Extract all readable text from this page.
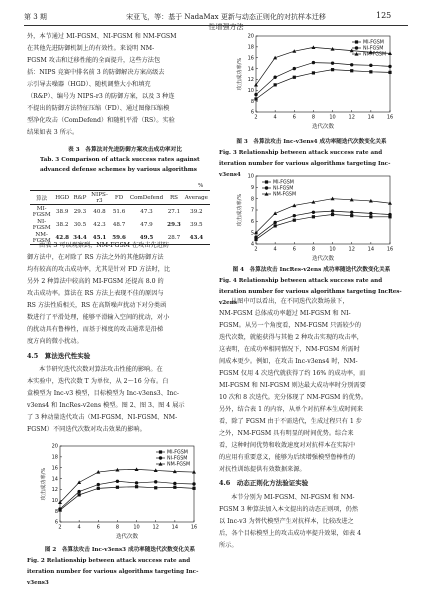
第 3 期	宋亚飞，等：基于 NadaMax 更新与动态正则化的对抗样本迁移性增强方法
125

外，本节通过 MI-FGSM、NI-FGSM 和 NM-FGSM

在其他先进防御机制上的有效性。来说明 NM-

FGSM 攻击和迁移性能的全面提升，这些方法包

括：NIPS 竞赛中排名前 3 的防御解决方案高级去

示引导去噪器（HGD）、随机调整大小和填充

（R&P）、编号为 NIPS-r3 的防御方案，以及 3 种连

不提出的防御方法特征压缩（FD）、通过图像压缩模

型净化攻击（ComDefend）和随机平滑（RS）。实验

结果如表 3 所示。

表 3　各算法对先进防御方案攻击成功率对比
Tab. 3 Comparison of attack success rates against advanced defense schemes by various algorithms
%
算法	HGD	R&P	NIPS-r3	FD	ComDefend	RS	Average
MI-FGSM	38.9	29.3	40.8	51.6	47.3	27.1	39.2
NI-FGSM	38.2	30.5	42.3	48.7	47.9	29.3	39.5
NM-FGSM	42.8	34.4	45.1	59.6	49.5	28.7	43.4

由表 3 可以观察到，NM-FGSM 在攻击先进防

御方法中，在对除了 RS 方法之外的其他防御方法

均有较高的攻击成功率，尤其是针对 FD 方法时，比

另外 2 种算法中较高的 MI-FGSM 还提高 8.0 的

攻击成功率。算法在 RS 方法上表现不佳的原因与

RS 方法性质相关，RS 在高斯噪声扰动下对分类函

数进行了平滑处理，能够平滑输入空间的扰动，对小

的扰动具有鲁棒性，而基于梯度的攻击通常是沿梯

度方向的微小扰动。

4.5　算法迭代性实验

本节研究迭代次数对算法攻击性能的影响。在

本实验中，迭代次数 T 为单位，从 2～16 分布。白

盒模型为 Inc-v3 模型，目标模型为 Inc-v3ens3、Inc-

v3ens4 和 IncRes-v2ens 模型。图 2、图 3、图 4 展示

了 3 种动量迭代攻击（MI-FGSM、NI-FGSM、NM-

FGSM）不同迭代次数对攻击效果的影响。

6
8
10
12
14
16
18
20
2	4	6	8	10	12	14	16
迭代次数
攻击成功率/%
MI-FGSM
NI-FGSM
NM-FGSM
图 2　各算法攻击 Inc-v3ens3 成功率随迭代次数变化关系
Fig. 2 Relationship between attack success rate and iteration number for various algorithms targeting Inc-v3ens3
6
8
10
12
14
16
18
20
2	4	6	8	10	12	14	16
迭代次数
攻击成功率/%
MI-FGSM
NI-FGSM
NM-FGSM
图 3　各算法攻击 Inc-v3ens4 成功率随迭代次数变化关系
Fig. 3 Relationship between attack success rate and iteration number for various algorithms targeting Inc-v3ens4
4
5
6
7
8
9
10
2	4	6	8	10	12	14	16
迭代次数
攻击成功率/%
MI-FGSM
NI-FGSM
NM-FGSM
图 4　各算法攻击 IncRes-v2ens 成功率随迭代次数变化关系
Fig. 4 Relationship between attack success rate and iteration number for various algorithms targeting IncRes-v2ens

从图中可以看出，在不同迭代次数场景下，

NM-FGSM 总体成功率超过 MI-FGSM 和 NI-

FGSM。从另一个角度看，NM-FGSM 只需较少的

迭代次数，就能获得与其他 2 种攻击实现的攻击率，

这表明，在成功率相同情况下，NM-FGSM 所需时

间成本更少。例如，在攻击 Inc-v3ens4 时，NM-

FGSM 仅用 4 次迭代就获得了约 16% 的成功率，而

MI-FGSM 和 NI-FGSM 则达最大成功率时分别需要

10 次和 8 次迭代。充分体现了 NM-FGSM 的优势。

另外，结合表 1 的内容，从单个对抗样本生成时间来

看，除了 FGSM 由于不需迭代，生成过程只有 1 步

之外，NM-FGSM 具有明显的时间优势。综合来

看，这种时间优势和收敛速度对对抗样本在实际中

的应用有重要意义，能够为后续增强模型鲁棒性的

对抗性训练提供有效数据来源。

4.6　动态正则化方法验证实验

本节分别为 MI-FGSM、NI-FGSM 和 NM-

FGSM 3 种算法加入本文提出的动态正则项，仍然

以 Inc-v3 为替代模型产生对抗样本，比较改进之

后，各个目标模型上的攻击成功率提升效果，如表 4

所示。
